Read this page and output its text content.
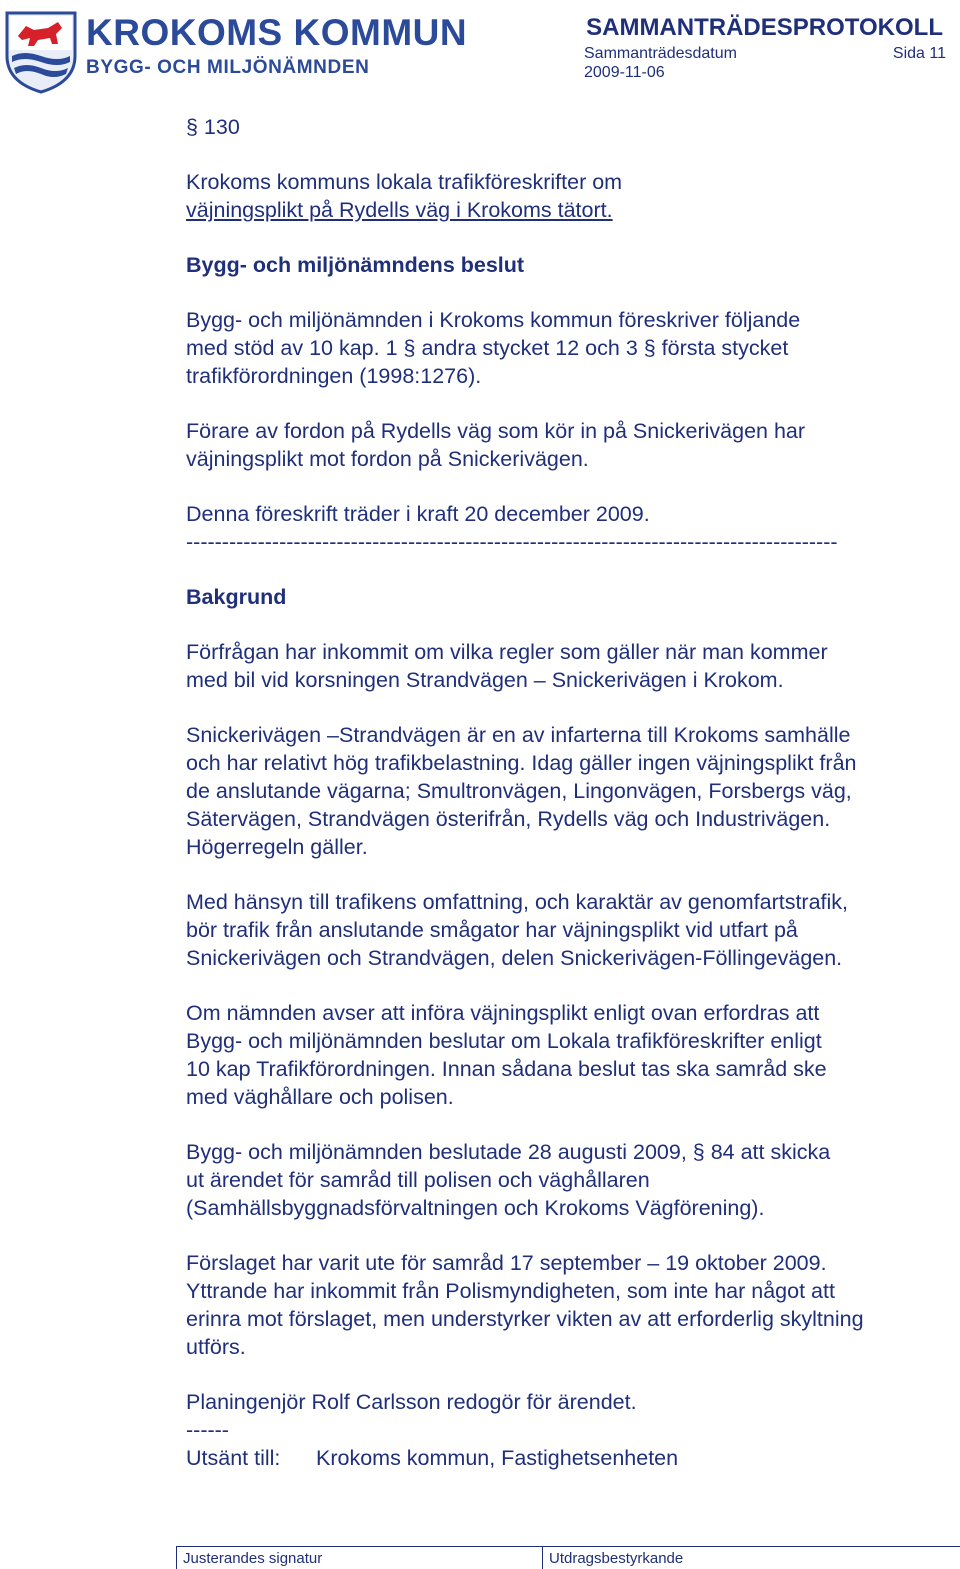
KROKOMS KOMMUN
BYGG- OCH MILJÖNÄMNDEN
SAMMANTRÄDESPROTOKOLL
Sammanträdesdatum	Sida 11
2009-11-06

§ 130

Krokoms kommuns lokala trafikföreskrifter om

väjningsplikt på Rydells väg i Krokoms tätort.

Bygg- och miljönämndens beslut

Bygg- och miljönämnden i Krokoms kommun föreskriver följande

med stöd av 10 kap. 1 § andra stycket 12 och 3 § första stycket

trafikförordningen (1998:1276).

Förare av fordon på Rydells väg som kör in på Snickerivägen har

väjningsplikt mot fordon på Snickerivägen.

Denna föreskrift träder i kraft 20 december 2009.

-------------------------------------------------------------------------------------------

Bakgrund

Förfrågan har inkommit om vilka regler som gäller när man kommer

med bil vid korsningen Strandvägen – Snickerivägen i Krokom.

Snickerivägen –Strandvägen är en av infarterna till Krokoms samhälle

och har relativt hög trafikbelastning. Idag gäller ingen väjningsplikt från

de anslutande vägarna; Smultronvägen, Lingonvägen, Forsbergs väg,

Sätervägen, Strandvägen österifrån, Rydells väg och Industrivägen.

Högerregeln gäller.

Med hänsyn till trafikens omfattning, och karaktär av genomfartstrafik,

bör trafik från anslutande smågator har väjningsplikt vid utfart på

Snickerivägen och Strandvägen, delen Snickerivägen-Föllingevägen.

Om nämnden avser att införa väjningsplikt enligt ovan erfordras att

Bygg- och miljönämnden beslutar om Lokala trafikföreskrifter enligt

10 kap Trafikförordningen. Innan sådana beslut tas ska samråd ske

med väghållare och polisen.

Bygg- och miljönämnden beslutade 28 augusti 2009, § 84 att skicka

ut ärendet för samråd till polisen och väghållaren

(Samhällsbyggnadsförvaltningen och Krokoms Vägförening).

Förslaget har varit ute för samråd 17 september – 19 oktober 2009.

Yttrande har inkommit från Polismyndigheten, som inte har något att

erinra mot förslaget, men understyrker vikten av att erforderlig skyltning

utförs.

Planingenjör Rolf Carlsson redogör för ärendet.

------

Utsänt till: Krokoms kommun, Fastighetsenheten

Justerandes signatur	Utdragsbestyrkande
